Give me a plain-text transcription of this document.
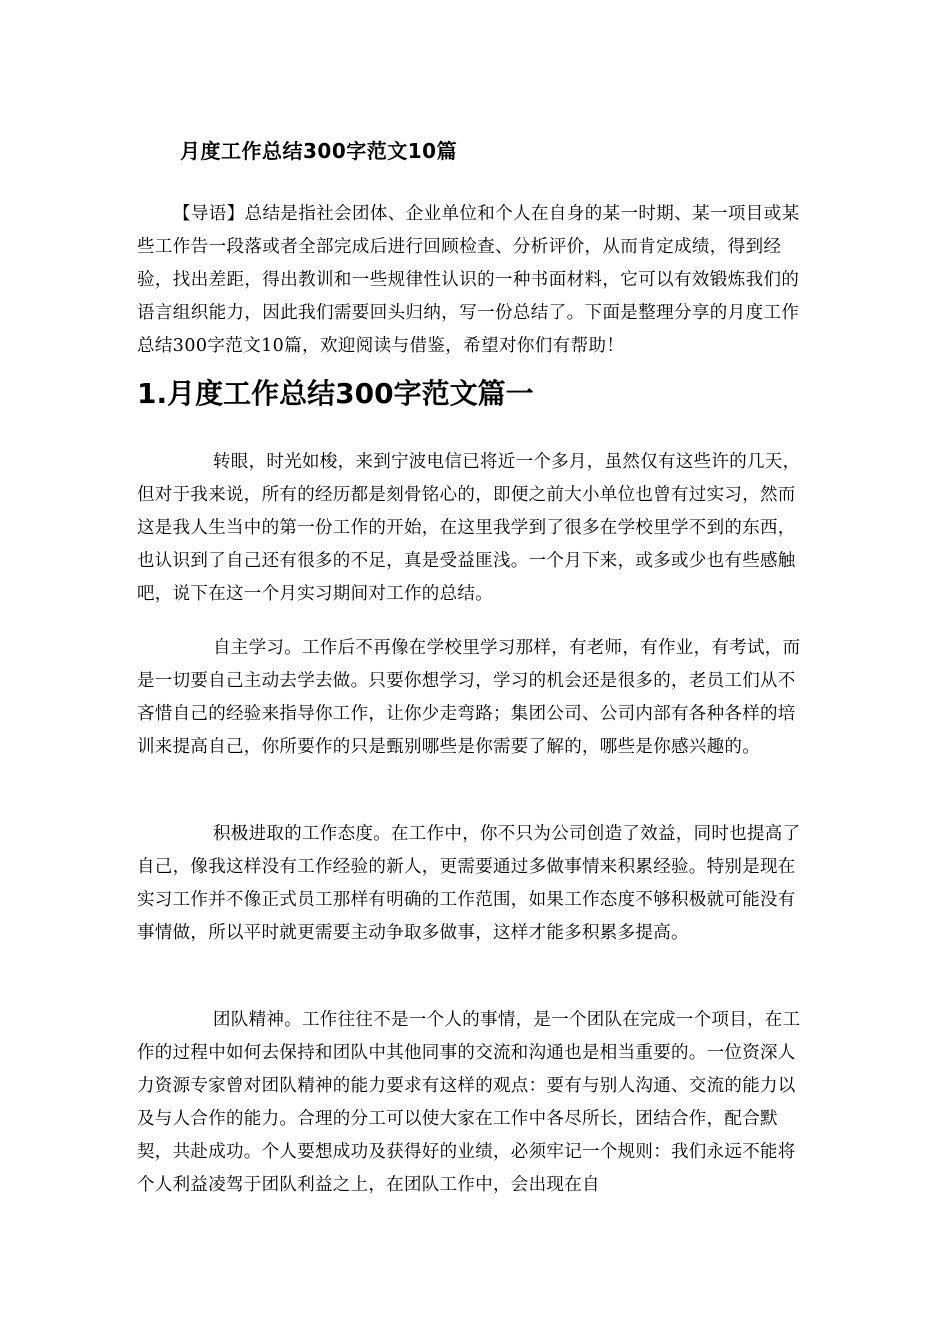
月度工作总结300字范文10篇

【导语】总结是指社会团体、企业单位和个人在自身的某一时期、某一项目或某些工作告一段落或者全部完成后进行回顾检查、分析评价，从而肯定成绩，得到经验，找出差距，得出教训和一些规律性认识的一种书面材料，它可以有效锻炼我们的语言组织能力，因此我们需要回头归纳，写一份总结了。下面是整理分享的月度工作总结300字范文10篇，欢迎阅读与借鉴，希望对你们有帮助！

1.月度工作总结300字范文篇一

转眼，时光如梭，来到宁波电信已将近一个多月，虽然仅有这些许的几天，但对于我来说，所有的经历都是刻骨铭心的，即便之前大小单位也曾有过实习，然而这是我人生当中的第一份工作的开始，在这里我学到了很多在学校里学不到的东西，也认识到了自己还有很多的不足，真是受益匪浅。一个月下来，或多或少也有些感触吧，说下在这一个月实习期间对工作的总结。

自主学习。工作后不再像在学校里学习那样，有老师，有作业，有考试，而是一切要自己主动去学去做。只要你想学习，学习的机会还是很多的，老员工们从不吝惜自己的经验来指导你工作，让你少走弯路；集团公司、公司内部有各种各样的培训来提高自己，你所要作的只是甄别哪些是你需要了解的，哪些是你感兴趣的。

积极进取的工作态度。在工作中，你不只为公司创造了效益，同时也提高了自己，像我这样没有工作经验的新人，更需要通过多做事情来积累经验。特别是现在实习工作并不像正式员工那样有明确的工作范围，如果工作态度不够积极就可能没有事情做，所以平时就更需要主动争取多做事，这样才能多积累多提高。

团队精神。工作往往不是一个人的事情，是一个团队在完成一个项目，在工作的过程中如何去保持和团队中其他同事的交流和沟通也是相当重要的。一位资深人力资源专家曾对团队精神的能力要求有这样的观点：要有与别人沟通、交流的能力以及与人合作的能力。合理的分工可以使大家在工作中各尽所长，团结合作，配合默契，共赴成功。个人要想成功及获得好的业绩，必须牢记一个规则：我们永远不能将个人利益凌驾于团队利益之上，在团队工作中，会出现在自
